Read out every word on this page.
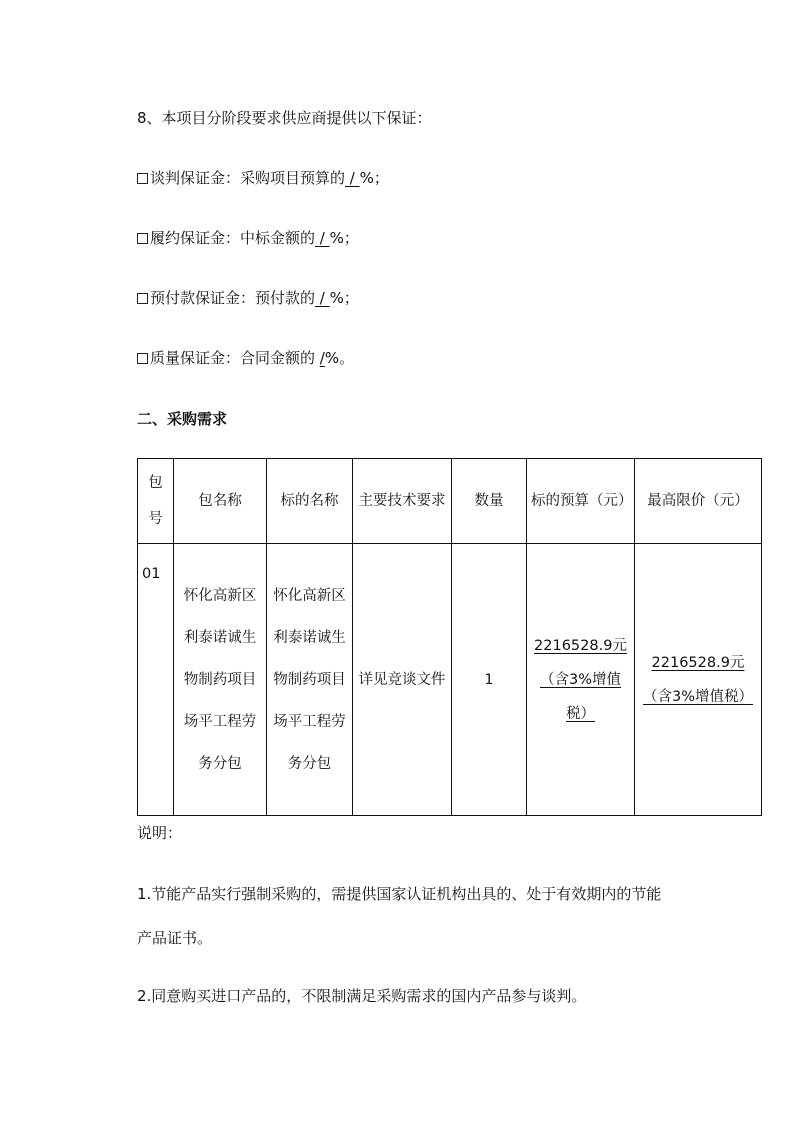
8、本项目分阶段要求供应商提供以下保证：
谈判保证金：采购项目预算的 / %；
履约保证金：中标金额的 / %；
预付款保证金：预付款的 / %；
质量保证金：合同金额的 /%。
二、采购需求
包号	包名称	标的名称	主要技术要求	数量	标的预算（元）	最高限价（元）
01	怀化高新区利泰诺诚生物制药项目场平工程劳务分包	怀化高新区利泰诺诚生物制药项目场平工程劳务分包	详见竞谈文件	1	2216528.9元（含3%增值税）	2216528.9元（含3%增值税）
说明：
1.节能产品实行强制采购的，需提供国家认证机构出具的、处于有效期内的节能产品证书。
2.同意购买进口产品的，不限制满足采购需求的国内产品参与谈判。
